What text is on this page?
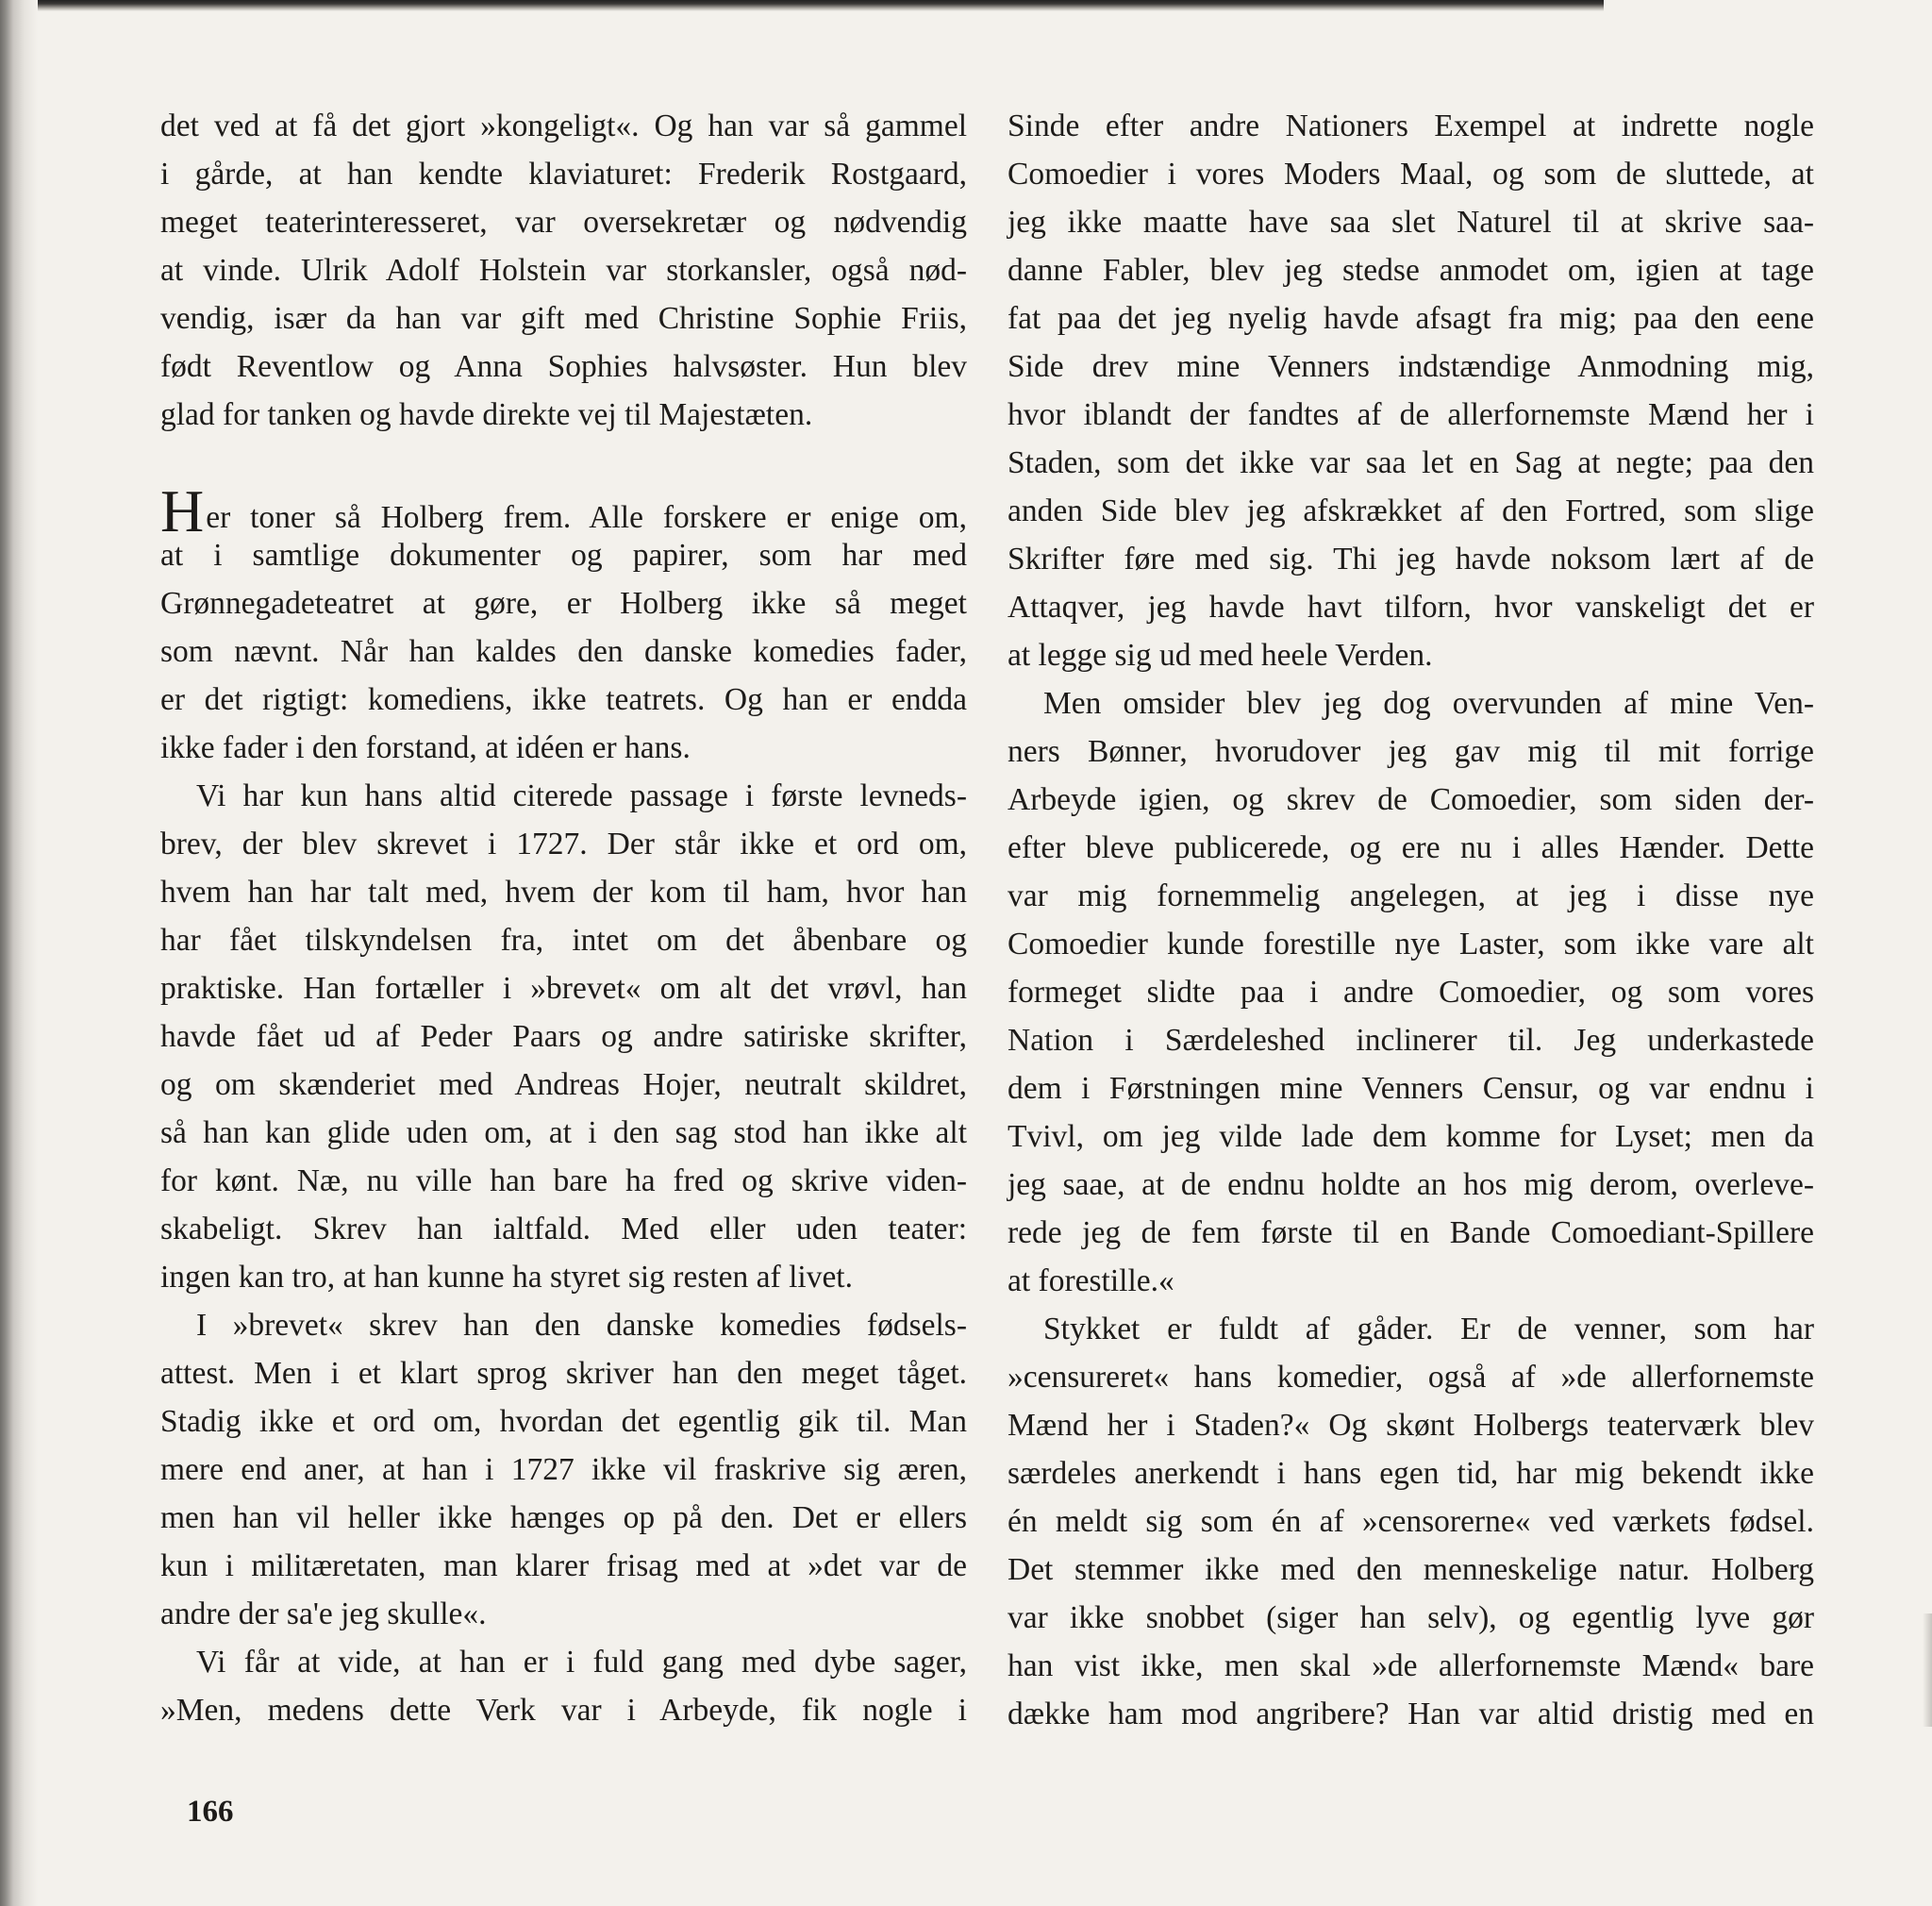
det ved at få det gjort »kongeligt«. Og han var så gammel
i gårde, at han kendte klaviaturet: Frederik Rostgaard,
meget teaterinteresseret, var oversekretær og nødvendig
at vinde. Ulrik Adolf Holstein var storkansler, også nød-
vendig, især da han var gift med Christine Sophie Friis,
født Reventlow og Anna Sophies halvsøster. Hun blev
glad for tanken og havde direkte vej til Majestæten.
Her toner så Holberg frem. Alle forskere er enige om,
at i samtlige dokumenter og papirer, som har med
Grønnegadeteatret at gøre, er Holberg ikke så meget
som nævnt. Når han kaldes den danske komedies fader,
er det rigtigt: komediens, ikke teatrets. Og han er endda
ikke fader i den forstand, at idéen er hans.
Vi har kun hans altid citerede passage i første levneds-
brev, der blev skrevet i 1727. Der står ikke et ord om,
hvem han har talt med, hvem der kom til ham, hvor han
har fået tilskyndelsen fra, intet om det åbenbare og
praktiske. Han fortæller i »brevet« om alt det vrøvl, han
havde fået ud af Peder Paars og andre satiriske skrifter,
og om skænderiet med Andreas Hojer, neutralt skildret,
så han kan glide uden om, at i den sag stod han ikke alt
for kønt. Næ, nu ville han bare ha fred og skrive viden-
skabeligt. Skrev han ialtfald. Med eller uden teater:
ingen kan tro, at han kunne ha styret sig resten af livet.
I »brevet« skrev han den danske komedies fødsels-
attest. Men i et klart sprog skriver han den meget tåget.
Stadig ikke et ord om, hvordan det egentlig gik til. Man
mere end aner, at han i 1727 ikke vil fraskrive sig æren,
men han vil heller ikke hænges op på den. Det er ellers
kun i militæretaten, man klarer frisag med at »det var de
andre der sa'e jeg skulle«.
Vi får at vide, at han er i fuld gang med dybe sager,
»Men, medens dette Verk var i Arbeyde, fik nogle i
Sinde efter andre Nationers Exempel at indrette nogle
Comoedier i vores Moders Maal, og som de sluttede, at
jeg ikke maatte have saa slet Naturel til at skrive saa-
danne Fabler, blev jeg stedse anmodet om, igien at tage
fat paa det jeg nyelig havde afsagt fra mig; paa den eene
Side drev mine Venners indstændige Anmodning mig,
hvor iblandt der fandtes af de allerfornemste Mænd her i
Staden, som det ikke var saa let en Sag at negte; paa den
anden Side blev jeg afskrækket af den Fortred, som slige
Skrifter føre med sig. Thi jeg havde noksom lært af de
Attaqver, jeg havde havt tilforn, hvor vanskeligt det er
at legge sig ud med heele Verden.
Men omsider blev jeg dog overvunden af mine Ven-
ners Bønner, hvorudover jeg gav mig til mit forrige
Arbeyde igien, og skrev de Comoedier, som siden der-
efter bleve publicerede, og ere nu i alles Hænder. Dette
var mig fornemmelig angelegen, at jeg i disse nye
Comoedier kunde forestille nye Laster, som ikke vare alt
formeget slidte paa i andre Comoedier, og som vores
Nation i Særdeleshed inclinerer til. Jeg underkastede
dem i Førstningen mine Venners Censur, og var endnu i
Tvivl, om jeg vilde lade dem komme for Lyset; men da
jeg saae, at de endnu holdte an hos mig derom, overleve-
rede jeg de fem første til en Bande Comoediant-Spillere
at forestille.«
Stykket er fuldt af gåder. Er de venner, som har
»censureret« hans komedier, også af »de allerfornemste
Mænd her i Staden?« Og skønt Holbergs teaterværk blev
særdeles anerkendt i hans egen tid, har mig bekendt ikke
én meldt sig som én af »censorerne« ved værkets fødsel.
Det stemmer ikke med den menneskelige natur. Holberg
var ikke snobbet (siger han selv), og egentlig lyve gør
han vist ikke, men skal »de allerfornemste Mænd« bare
dække ham mod angribere? Han var altid dristig med en
166
